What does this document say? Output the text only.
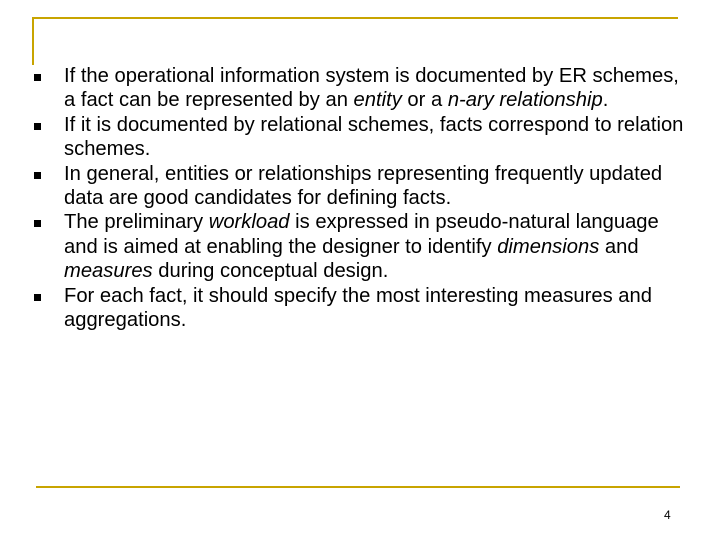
If the operational information system is documented by ER schemes, a fact can be represented by an entity or a n-ary relationship.
If it is documented by relational schemes, facts correspond to relation schemes.
In general, entities or relationships representing frequently updated data are good candidates for defining facts.
The preliminary workload is expressed in pseudo-natural language and is aimed at enabling the designer to identify dimensions and measures during conceptual design.
For each fact, it should specify the most interesting measures and aggregations.
4
